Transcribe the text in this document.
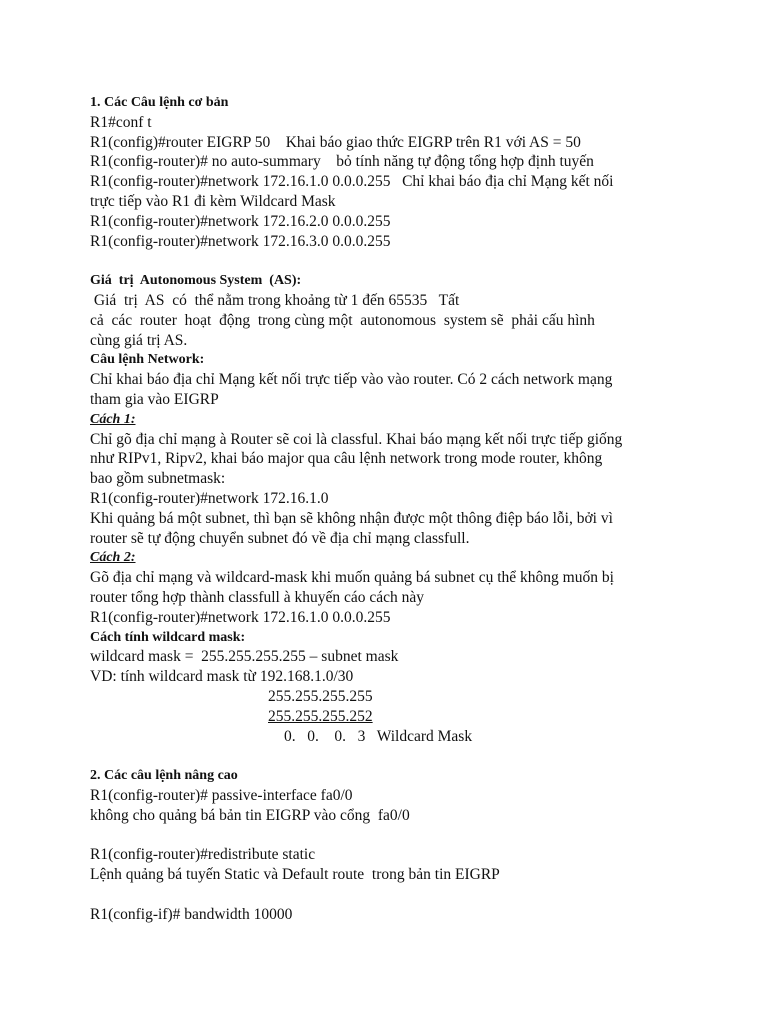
1. Các Câu lệnh cơ bản
R1#conf t
R1(config)#router EIGRP 50    Khai báo giao thức EIGRP trên R1 với AS = 50
R1(config-router)# no auto-summary    bỏ tính năng tự động tổng hợp định tuyến
R1(config-router)#network 172.16.1.0 0.0.0.255   Chỉ khai báo địa chỉ Mạng kết nối
trực tiếp vào R1 đi kèm Wildcard Mask
R1(config-router)#network 172.16.2.0 0.0.0.255
R1(config-router)#network 172.16.3.0 0.0.0.255
Giá  trị  Autonomous System  (AS):
Giá  trị  AS  có  thể nằm trong khoảng từ 1 đến 65535   Tất
cả  các  router  hoạt  động  trong cùng một  autonomous  system sẽ  phải cấu hình
cùng giá trị AS.
Câu lệnh Network:
Chỉ khai báo địa chỉ Mạng kết nối trực tiếp vào vào router. Có 2 cách network mạng
tham gia vào EIGRP
Cách 1:
Chỉ gõ địa chỉ mạng à Router sẽ coi là classful. Khai báo mạng kết nối trực tiếp giống
như RIPv1, Ripv2, khai báo major qua câu lệnh network trong mode router, không
bao gồm subnetmask:
R1(config-router)#network 172.16.1.0
Khi quảng bá một subnet, thì bạn sẽ không nhận được một thông điệp báo lỗi, bởi vì
router sẽ tự động chuyển subnet đó về địa chỉ mạng classfull.
Cách 2:
Gõ địa chỉ mạng và wildcard-mask khi muốn quảng bá subnet cụ thể không muốn bị
router tổng hợp thành classfull à khuyến cáo cách này
R1(config-router)#network 172.16.1.0 0.0.0.255
Cách tính wildcard mask:
wildcard mask =  255.255.255.255 – subnet mask
VD: tính wildcard mask từ 192.168.1.0/30
255.255.255.255
255.255.255.252
0.   0.    0.   3   Wildcard Mask
2. Các câu lệnh nâng cao
R1(config-router)# passive-interface fa0/0
không cho quảng bá bản tin EIGRP vào cổng  fa0/0
R1(config-router)#redistribute static
Lệnh quảng bá tuyến Static và Default route  trong bản tin EIGRP
R1(config-if)# bandwidth 10000
